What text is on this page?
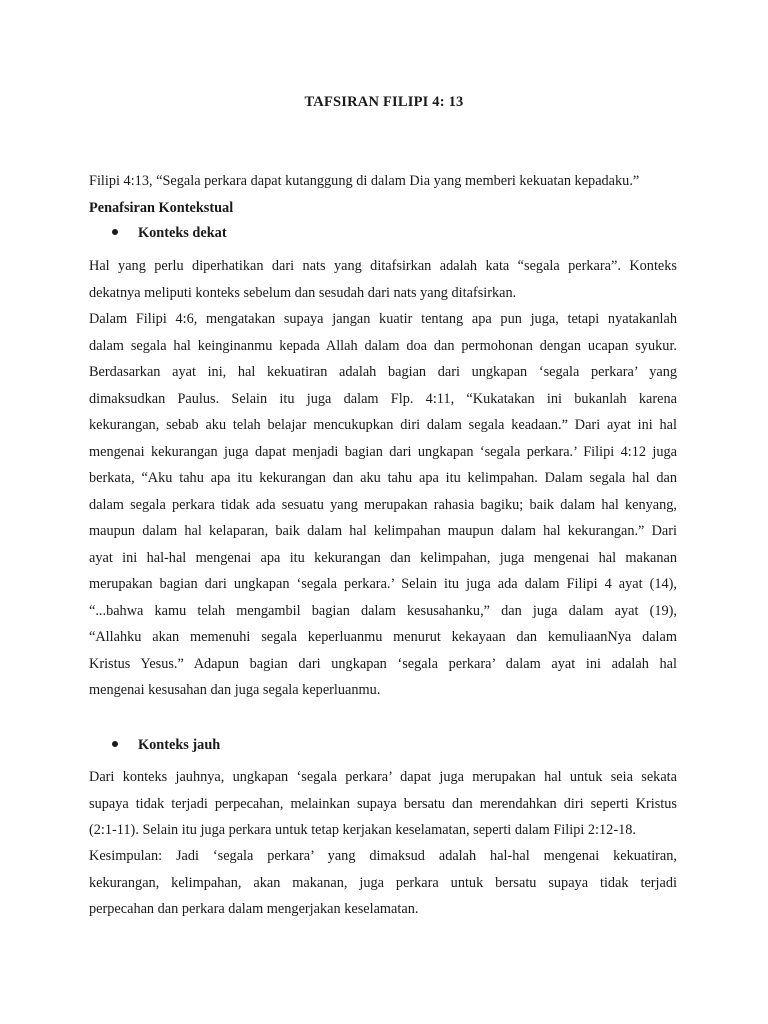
TAFSIRAN FILIPI 4: 13
Filipi 4:13, “Segala perkara dapat kutanggung di dalam Dia yang memberi kekuatan kepadaku.”
Penafsiran Kontekstual
Konteks dekat
Hal yang perlu diperhatikan dari nats yang ditafsirkan adalah kata “segala perkara”. Konteks
dekatnya meliputi konteks sebelum dan sesudah dari nats yang ditafsirkan.
Dalam Filipi 4:6, mengatakan supaya jangan kuatir tentang apa pun juga, tetapi nyatakanlah
dalam segala hal keinginanmu kepada Allah dalam doa dan permohonan dengan ucapan syukur.
Berdasarkan ayat ini, hal kekuatiran adalah bagian dari ungkapan ‘segala perkara’ yang
dimaksudkan Paulus. Selain itu juga dalam Flp. 4:11, “Kukatakan ini bukanlah karena
kekurangan, sebab aku telah belajar mencukupkan diri dalam segala keadaan.” Dari ayat ini hal
mengenai kekurangan juga dapat menjadi bagian dari ungkapan ‘segala perkara.’ Filipi 4:12 juga
berkata, “Aku tahu apa itu kekurangan dan aku tahu apa itu kelimpahan. Dalam segala hal dan
dalam segala perkara tidak ada sesuatu yang merupakan rahasia bagiku; baik dalam hal kenyang,
maupun dalam hal kelaparan, baik dalam hal kelimpahan maupun dalam hal kekurangan.” Dari
ayat ini hal-hal mengenai apa itu kekurangan dan kelimpahan, juga mengenai hal makanan
merupakan bagian dari ungkapan ‘segala perkara.’ Selain itu juga ada dalam Filipi 4 ayat (14),
“...bahwa kamu telah mengambil bagian dalam kesusahanku,” dan juga dalam ayat (19),
“Allahku akan memenuhi segala keperluanmu menurut kekayaan dan kemuliaanNya dalam
Kristus Yesus.” Adapun bagian dari ungkapan ‘segala perkara’ dalam ayat ini adalah hal
mengenai kesusahan dan juga segala keperluanmu.
Konteks jauh
Dari konteks jauhnya, ungkapan ‘segala perkara’ dapat juga merupakan hal untuk seia sekata
supaya tidak terjadi perpecahan, melainkan supaya bersatu dan merendahkan diri seperti Kristus
(2:1-11). Selain itu juga perkara untuk tetap kerjakan keselamatan, seperti dalam Filipi 2:12-18.
Kesimpulan: Jadi ‘segala perkara’ yang dimaksud adalah hal-hal mengenai kekuatiran,
kekurangan, kelimpahan, akan makanan, juga perkara untuk bersatu supaya tidak terjadi
perpecahan dan perkara dalam mengerjakan keselamatan.
